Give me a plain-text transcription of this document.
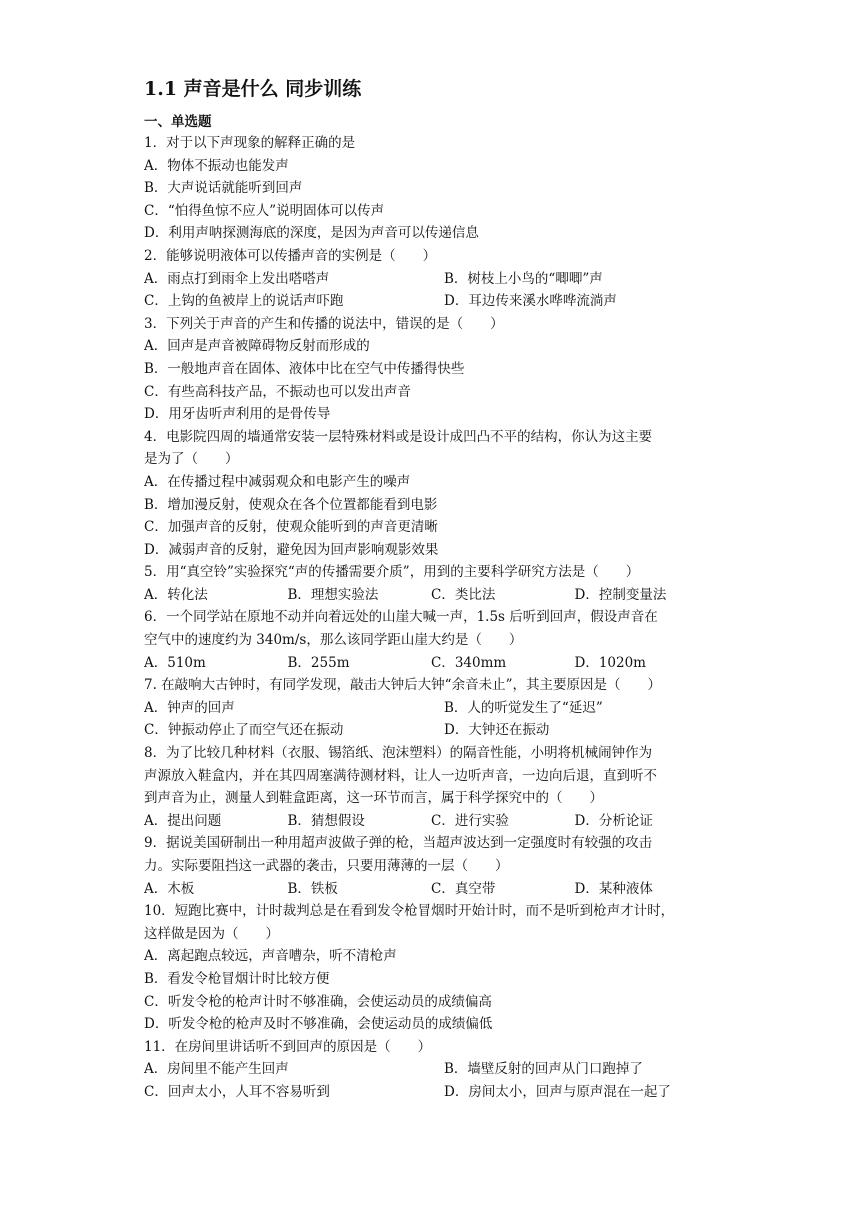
1.1 声音是什么 同步训练
一、单选题
1．对于以下声现象的解释正确的是
A．物体不振动也能发声
B．大声说话就能听到回声
C．“怕得鱼惊不应人”说明固体可以传声
D．利用声呐探测海底的深度，是因为声音可以传递信息
2．能够说明液体可以传播声音的实例是（　　）
A．雨点打到雨伞上发出嗒嗒声	B．树枝上小鸟的“唧唧”声
C．上钩的鱼被岸上的说话声吓跑	D．耳边传来溪水哗哗流淌声
3．下列关于声音的产生和传播的说法中，错误的是（　　）
A．回声是声音被障碍物反射而形成的
B．一般地声音在固体、液体中比在空气中传播得快些
C．有些高科技产品，不振动也可以发出声音
D．用牙齿听声利用的是骨传导
4．电影院四周的墙通常安装一层特殊材料或是设计成凹凸不平的结构，你认为这主要
是为了（　　）
A．在传播过程中减弱观众和电影产生的噪声
B．增加漫反射，使观众在各个位置都能看到电影
C．加强声音的反射，使观众能听到的声音更清晰
D．减弱声音的反射，避免因为回声影响观影效果
5．用“真空铃”实验探究“声的传播需要介质”，用到的主要科学研究方法是（　　）
A．转化法	B．理想实验法	C．类比法	D．控制变量法
6．一个同学站在原地不动并向着远处的山崖大喊一声，1.5s 后听到回声，假设声音在
空气中的速度约为 340m/s，那么该同学距山崖大约是（　　）
A．510m	B．255m	C．340mm	D．1020m
7. 在敲响大古钟时，有同学发现，敲击大钟后大钟“余音未止”，其主要原因是（　　）
A．钟声的回声	B．人的听觉发生了“延迟”
C．钟振动停止了而空气还在振动	D．大钟还在振动
8．为了比较几种材料（衣服、锡箔纸、泡沫塑料）的隔音性能，小明将机械闹钟作为
声源放入鞋盒内，并在其四周塞满待测材料，让人一边听声音，一边向后退，直到听不
到声音为止，测量人到鞋盒距离，这一环节而言，属于科学探究中的（　　）
A．提出问题	B．猜想假设	C．进行实验	D．分析论证
9．据说美国研制出一种用超声波做子弹的枪，当超声波达到一定强度时有较强的攻击
力。实际要阻挡这一武器的袭击，只要用薄薄的一层（　　）
A．木板	B．铁板	C．真空带	D．某种液体
10．短跑比赛中，计时裁判总是在看到发令枪冒烟时开始计时，而不是听到枪声才计时，
这样做是因为（　　）
A．离起跑点较远，声音嘈杂，听不清枪声
B．看发令枪冒烟计时比较方便
C．听发令枪的枪声计时不够准确，会使运动员的成绩偏高
D．听发令枪的枪声及时不够准确，会使运动员的成绩偏低
11．在房间里讲话听不到回声的原因是（　　）
A．房间里不能产生回声	B．墙壁反射的回声从门口跑掉了
C．回声太小，人耳不容易听到	D．房间太小，回声与原声混在一起了
